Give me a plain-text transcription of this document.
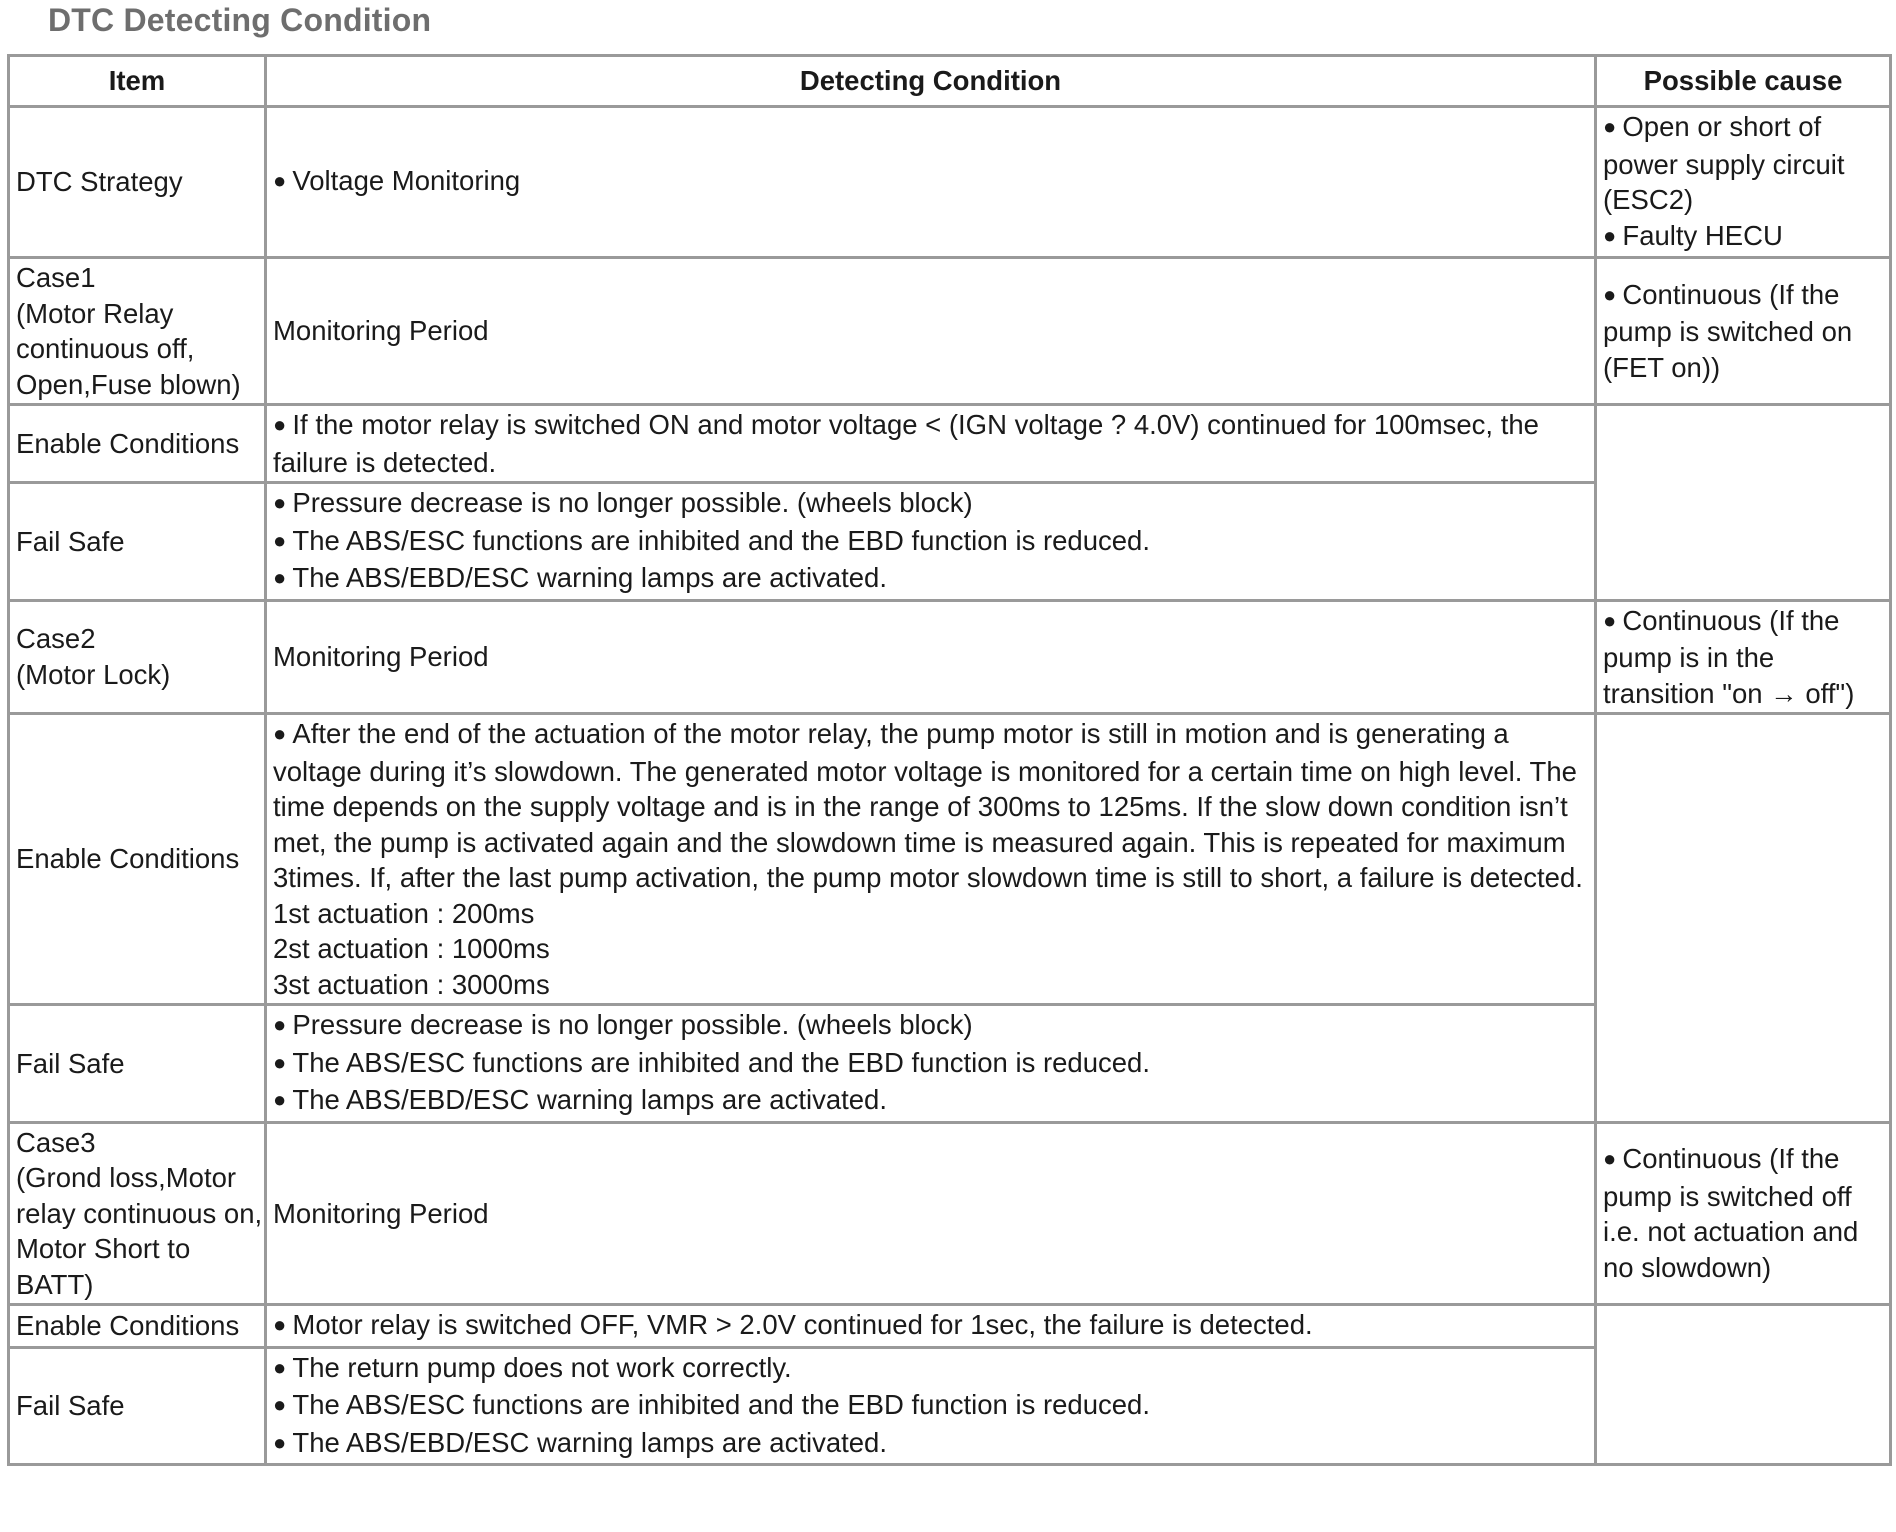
DTC Detecting Condition
Item	Detecting Condition	Possible cause
DTC Strategy	● Voltage Monitoring	● Open or short of power supply circuit (ESC2)
● Faulty HECU

Case1
(Motor Relay
continuous off,
Open,Fuse blown)	Monitoring Period	● Continuous (If the pump is switched on (FET on))

Enable Conditions	● If the motor relay is switched ON and motor voltage < (IGN voltage ? 4.0V) continued for 100msec, the failure is detected.

Fail Safe	● Pressure decrease is no longer possible. (wheels block)
● The ABS/ESC functions are inhibited and the EBD function is reduced.
● The ABS/EBD/ESC warning lamps are activated.

Case2
(Motor Lock)	Monitoring Period	● Continuous (If the pump is in the transition "on → off")

Enable Conditions	● After the end of the actuation of the motor relay, the pump motor is still in motion and is generating a voltage during it’s slowdown. The generated motor voltage is monitored for a certain time on high level. The time depends on the supply voltage and is in the range of 300ms to 125ms. If the slow down condition isn’t met, the pump is activated again and the slowdown time is measured again. This is repeated for maximum 3times. If, after the last pump activation, the pump motor slowdown time is still to short, a failure is detected.
1st actuation : 200ms
2st actuation : 1000ms
3st actuation : 3000ms

Fail Safe	● Pressure decrease is no longer possible. (wheels block)
● The ABS/ESC functions are inhibited and the EBD function is reduced.
● The ABS/EBD/ESC warning lamps are activated.

Case3
(Grond loss,Motor
relay continuous on,
Motor Short to
BATT)	Monitoring Period	● Continuous (If the pump is switched off i.e. not actuation and no slowdown)

Enable Conditions	● Motor relay is switched OFF, VMR > 2.0V continued for 1sec, the failure is detected.

Fail Safe	● The return pump does not work correctly.
● The ABS/ESC functions are inhibited and the EBD function is reduced.
● The ABS/EBD/ESC warning lamps are activated.
